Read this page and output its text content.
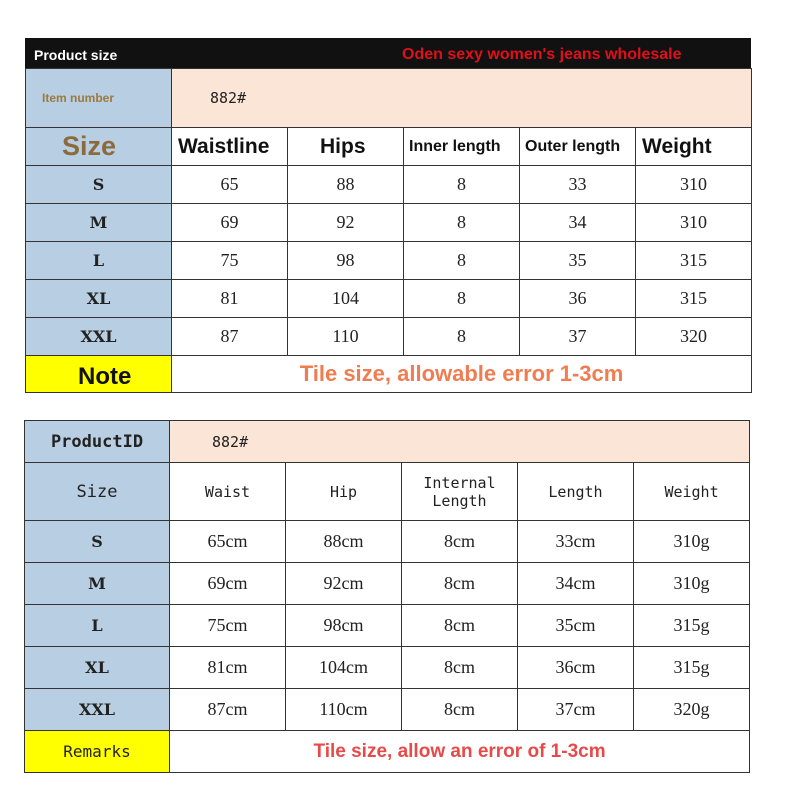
Product size	Oden sexy women's jeans wholesale
Item number	882#				
Size	Waistline	Hips	Inner length	Outer length	Weight
S	65	88	8	33	310
M	69	92	8	34	310
L	75	98	8	35	315
XL	81	104	8	36	315
XXL	87	110	8	37	320
Note	Tile size, allowable error 1-3cm				
ProductID	882#				
Size	Waist	Hip	Internal Length	Length	Weight
S	65cm	88cm	8cm	33cm	310g
M	69cm	92cm	8cm	34cm	310g
L	75cm	98cm	8cm	35cm	315g
XL	81cm	104cm	8cm	36cm	315g
XXL	87cm	110cm	8cm	37cm	320g
Remarks	Tile size, allow an error of 1-3cm				
